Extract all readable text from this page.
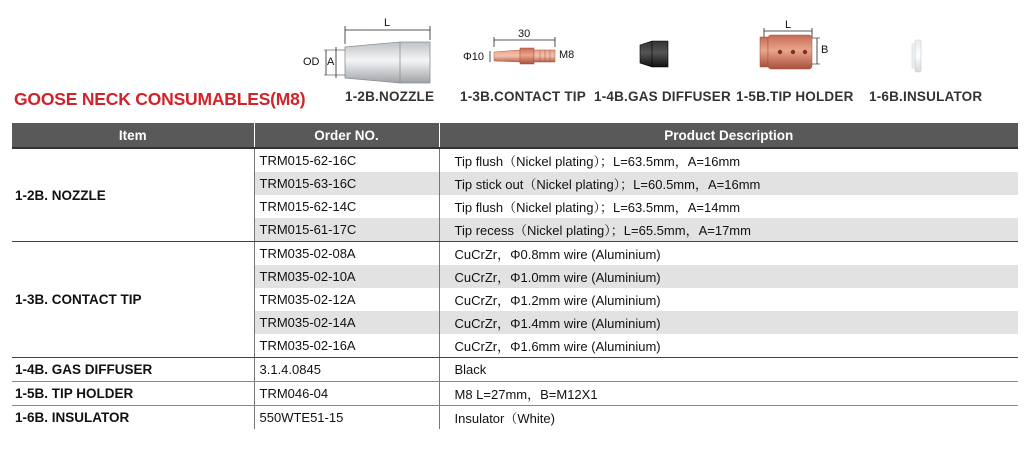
L
OD A
30
Φ10	M8
L
B
1-2B.NOZZLE 1-3B.CONTACT TIP 1-4B.GAS DIFFUSER 1-5B.TIP HOLDER 1-6B.INSULATOR
GOOSE NECK CONSUMABLES(M8)
Item	Order NO.	Product Description
1-2B. NOZZLE	TRM015-62-16C	Tip flush（Nickel plating）；L=63.5mm，A=16mm
	TRM015-63-16C	Tip stick out（Nickel plating）；L=60.5mm，A=16mm
	TRM015-62-14C	Tip flush（Nickel plating）；L=63.5mm，A=14mm
	TRM015-61-17C	Tip recess（Nickel plating）；L=65.5mm，A=17mm
1-3B. CONTACT TIP	TRM035-02-08A	CuCrZr，Φ0.8mm wire (Aluminium)
	TRM035-02-10A	CuCrZr，Φ1.0mm wire (Aluminium)
	TRM035-02-12A	CuCrZr，Φ1.2mm wire (Aluminium)
	TRM035-02-14A	CuCrZr，Φ1.4mm wire (Aluminium)
	TRM035-02-16A	CuCrZr，Φ1.6mm wire (Aluminium)
1-4B. GAS DIFFUSER	3.1.4.0845	Black
1-5B. TIP HOLDER	TRM046-04	M8 L=27mm，B=M12X1
1-6B. INSULATOR	550WTE51-15	Insulator（White)
